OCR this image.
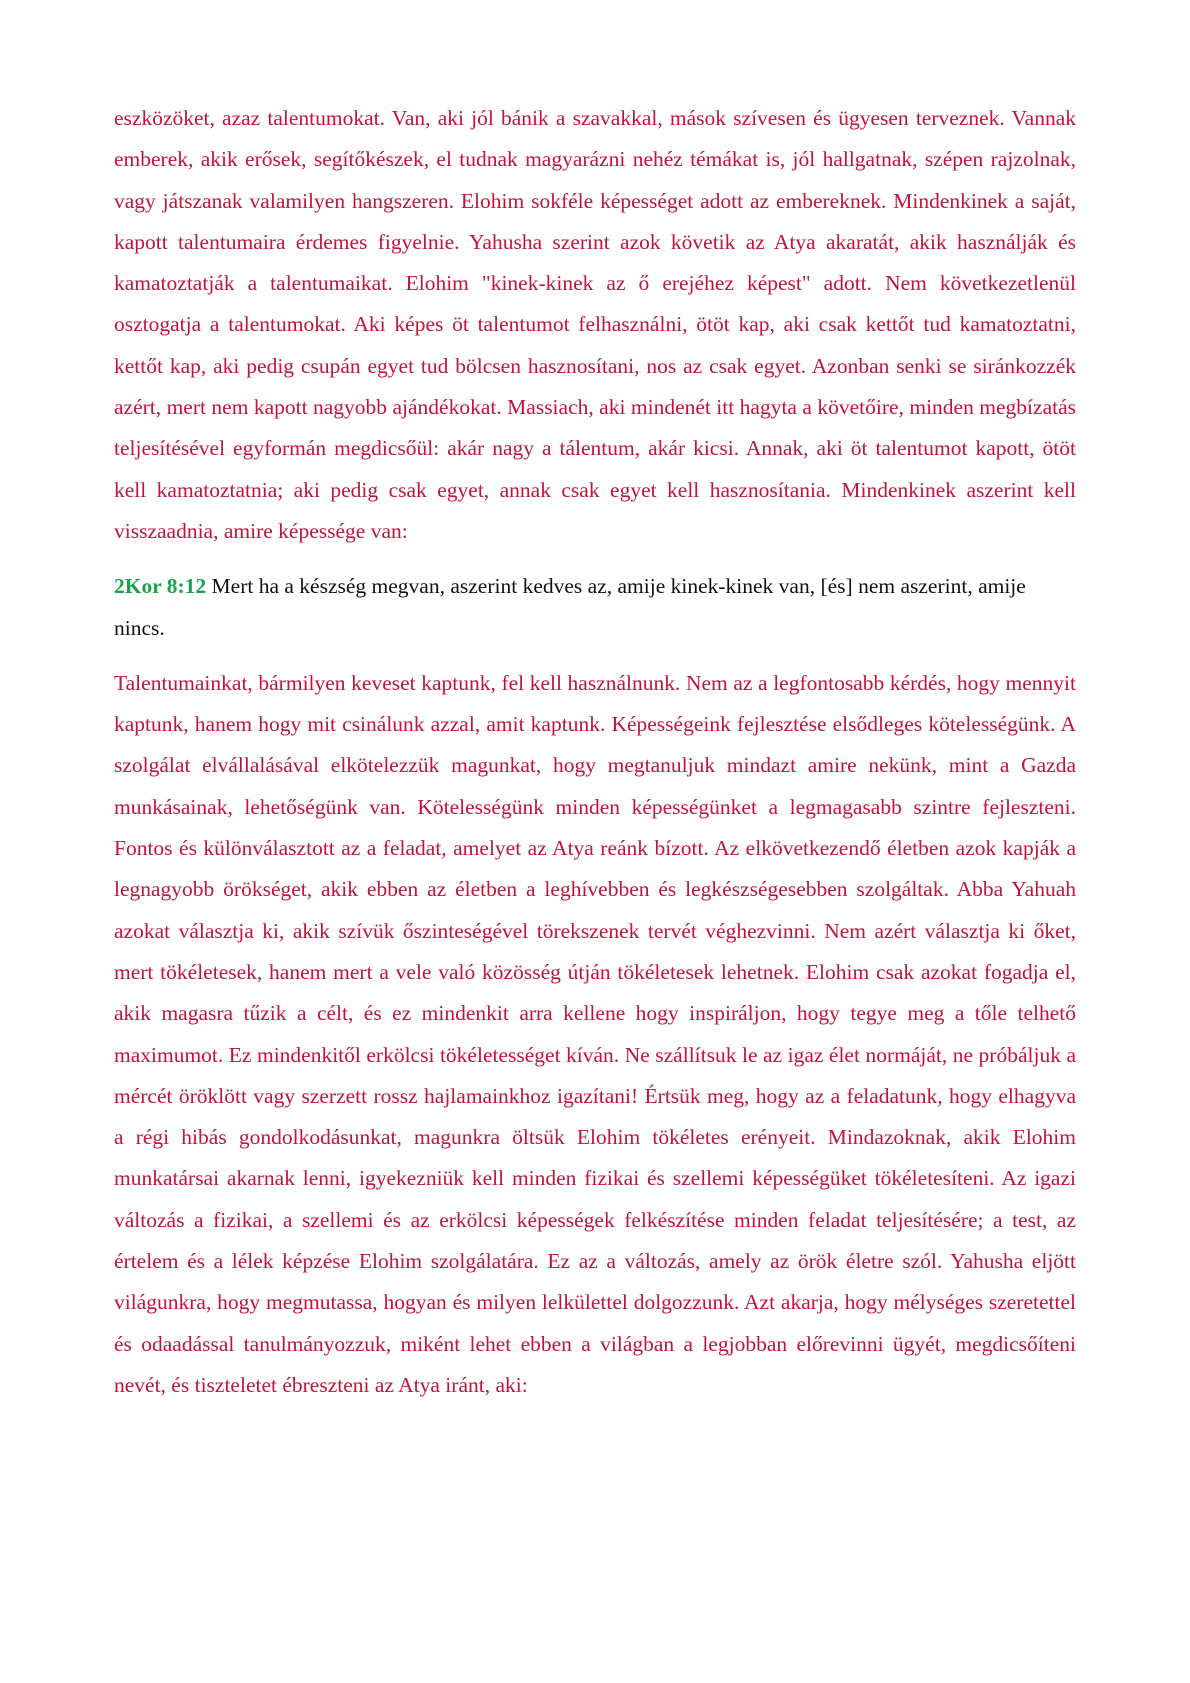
eszközöket, azaz talentumokat. Van, aki jól bánik a szavakkal, mások szívesen és ügyesen terveznek. Vannak emberek, akik erősek, segítőkészek, el tudnak magyarázni nehéz témákat is, jól hallgatnak, szépen rajzolnak, vagy játszanak valamilyen hangszeren. Elohim sokféle képességet adott az embereknek. Mindenkinek a saját, kapott talentumaira érdemes figyelnie. Yahusha szerint azok követik az Atya akaratát, akik használják és kamatoztatják a talentumaikat. Elohim "kinek-kinek az ő erejéhez képest" adott. Nem következetlenül osztogatja a talentumokat. Aki képes öt talentumot felhasználni, ötöt kap, aki csak kettőt tud kamatoztatni, kettőt kap, aki pedig csupán egyet tud bölcsen hasznosítani, nos az csak egyet. Azonban senki se siránkozzék azért, mert nem kapott nagyobb ajándékokat. Massiach, aki mindenét itt hagyta a követőire, minden megbízatás teljesítésével egyformán megdicsőül: akár nagy a tálentum, akár kicsi. Annak, aki öt talentumot kapott, ötöt kell kamatoztatnia; aki pedig csak egyet, annak csak egyet kell hasznosítania. Mindenkinek aszerint kell visszaadnia, amire képessége van:

2Kor 8:12 Mert ha a készség megvan, aszerint kedves az, amije kinek-kinek van, [és] nem aszerint, amije nincs.

Talentumainkat, bármilyen keveset kaptunk, fel kell használnunk. Nem az a legfontosabb kérdés, hogy mennyit kaptunk, hanem hogy mit csinálunk azzal, amit kaptunk. Képességeink fejlesztése elsődleges kötelességünk. A szolgálat elvállalásával elkötelezzük magunkat, hogy megtanuljuk mindazt amire nekünk, mint a Gazda munkásainak, lehetőségünk van. Kötelességünk minden képességünket a legmagasabb szintre fejleszteni. Fontos és különválasztott az a feladat, amelyet az Atya reánk bízott. Az elkövetkezendő életben azok kapják a legnagyobb örökséget, akik ebben az életben a leghívebben és legkészségesebben szolgáltak. Abba Yahuah azokat választja ki, akik szívük őszinteségével törekszenek tervét véghezvinni. Nem azért választja ki őket, mert tökéletesek, hanem mert a vele való közösség útján tökéletesek lehetnek. Elohim csak azokat fogadja el, akik magasra tűzik a célt, és ez mindenkit arra kellene hogy inspiráljon, hogy tegye meg a tőle telhető maximumot. Ez mindenkitől erkölcsi tökéletességet kíván. Ne szállítsuk le az igaz élet normáját, ne próbáljuk a mércét öröklött vagy szerzett rossz hajlamainkhoz igazítani! Értsük meg, hogy az a feladatunk, hogy elhagyva a régi hibás gondolkodásunkat, magunkra öltsük Elohim tökéletes erényeit. Mindazoknak, akik Elohim munkatársai akarnak lenni, igyekezniük kell minden fizikai és szellemi képességüket tökéletesíteni. Az igazi változás a fizikai, a szellemi és az erkölcsi képességek felkészítése minden feladat teljesítésére; a test, az értelem és a lélek képzése Elohim szolgálatára. Ez az a változás, amely az örök életre szól. Yahusha eljött világunkra, hogy megmutassa, hogyan és milyen lelkülettel dolgozzunk. Azt akarja, hogy mélységes szeretettel és odaadással tanulmányozzuk, miként lehet ebben a világban a legjobban előrevinni ügyét, megdicsőíteni nevét, és tiszteletet ébreszteni az Atya iránt, aki:
